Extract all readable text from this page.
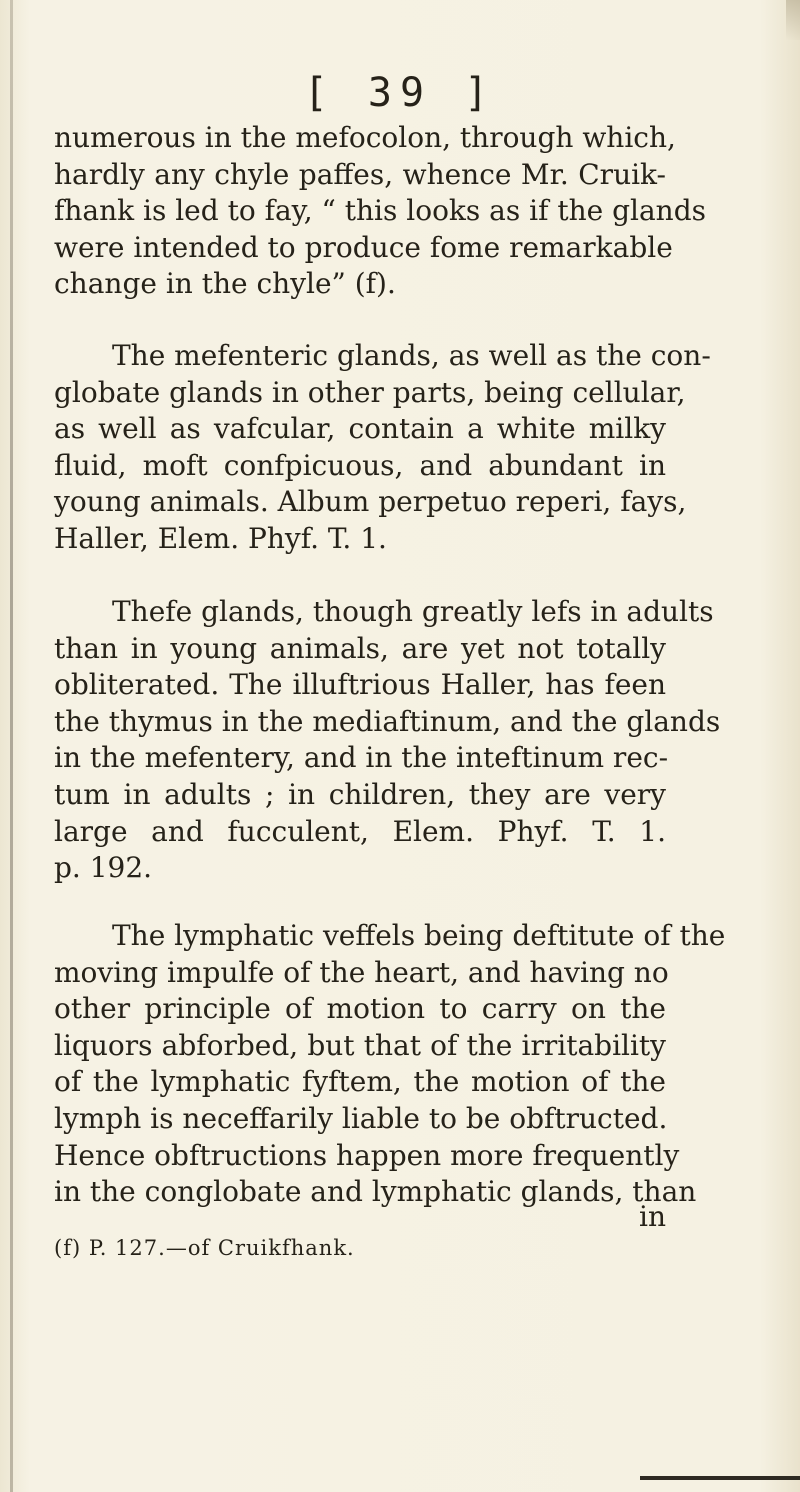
[ 39 ]
numerous in the mefocolon, through which,
hardly any chyle paffes, whence Mr. Cruik-
fhank is led to fay, “ this looks as if the glands
were intended to produce fome remarkable
change in the chyle” (f).
The mefenteric glands, as well as the con-
globate glands in other parts, being cellular,
as well as vafcular, contain a white milky
fluid, moft confpicuous, and abundant in
young animals. Album perpetuo reperi, fays,
Haller, Elem. Phyf. T. 1.
Thefe glands, though greatly lefs in adults
than in young animals, are yet not totally
obliterated. The illuftrious Haller, has feen
the thymus in the mediaftinum, and the glands
in the mefentery, and in the inteftinum rec-
tum in adults ; in children, they are very
large and fucculent, Elem. Phyf. T. 1.
p. 192.
The lymphatic veffels being deftitute of the
moving impulfe of the heart, and having no
other principle of motion to carry on the
liquors abforbed, but that of the irritability
of the lymphatic fyftem, the motion of the
lymph is neceffarily liable to be obftructed.
Hence obftructions happen more frequently
in the conglobate and lymphatic glands, than
in
(f) P. 127.—of Cruikfhank.
